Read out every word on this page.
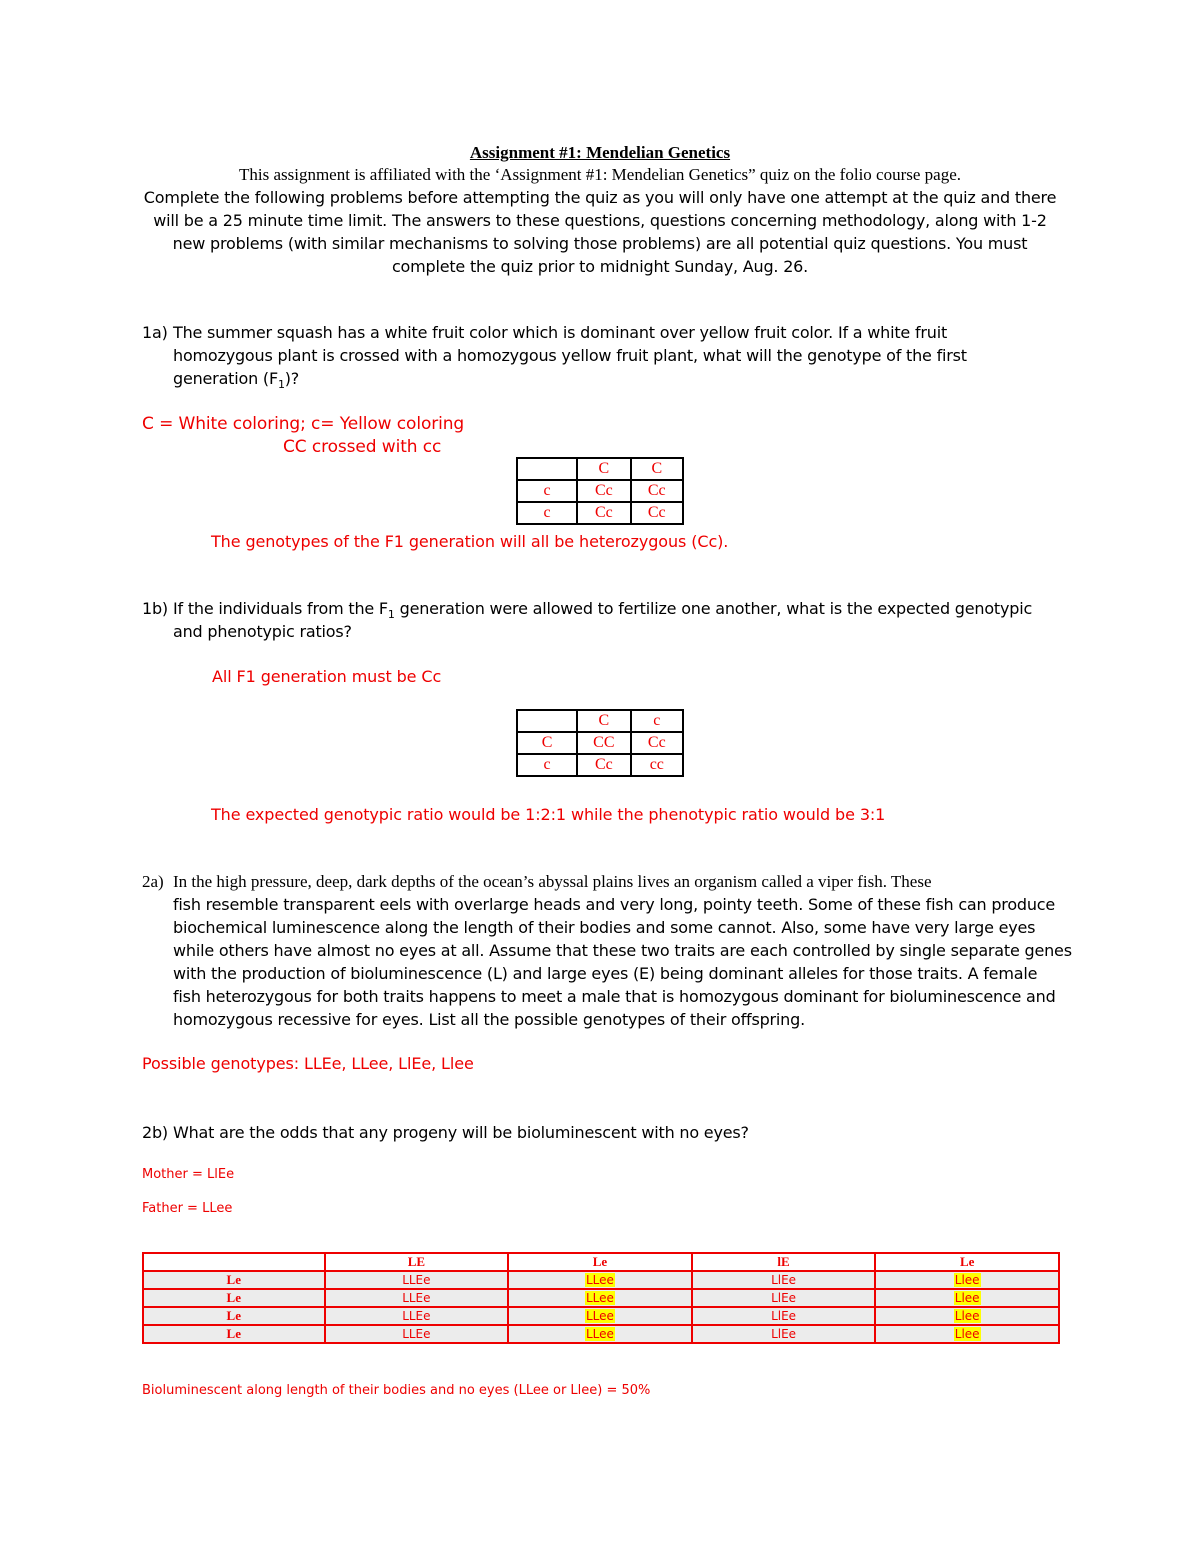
Assignment #1: Mendelian Genetics
This assignment is affiliated with the ‘Assignment #1: Mendelian Genetics” quiz on the folio course page.
Complete the following problems before attempting the quiz as you will only have one attempt at the quiz and there
will be a 25 minute time limit. The answers to these questions, questions concerning methodology, along with 1-2
new problems (with similar mechanisms to solving those problems) are all potential quiz questions. You must
complete the quiz prior to midnight Sunday, Aug. 26.
1a) The summer squash has a white fruit color which is dominant over yellow fruit color. If a white fruit
homozygous plant is crossed with a homozygous yellow fruit plant, what will the genotype of the first
generation $(F_1)$?
C = White coloring; c= Yellow coloring
CC crossed with cc
	C	C
c	Cc	Cc
c	Cc	Cc
The genotypes of the F1 generation will all be heterozygous (Cc).
1b) If the individuals from the $F_1$ generation were allowed to fertilize one another, what is the expected genotypic
and phenotypic ratios?
All F1 generation must be Cc
	C	c
C	CC	Cc
c	Cc	cc
The expected genotypic ratio would be 1:2:1 while the phenotypic ratio would be 3:1
2a) In the high pressure, deep, dark depths of the ocean’s abyssal plains lives an organism called a viper fish. These
fish resemble transparent eels with overlarge heads and very long, pointy teeth. Some of these fish can produce
biochemical luminescence along the length of their bodies and some cannot. Also, some have very large eyes
while others have almost no eyes at all. Assume that these two traits are each controlled by single separate genes
with the production of bioluminescence (L) and large eyes (E) being dominant alleles for those traits. A female
fish heterozygous for both traits happens to meet a male that is homozygous dominant for bioluminescence and
homozygous recessive for eyes. List all the possible genotypes of their offspring.
Possible genotypes: LLEe, LLee, LlEe, Llee
2b) What are the odds that any progeny will be bioluminescent with no eyes?
Mother = LlEe
Father = LLee
	LE	Le	lE	Le
Le	LLEe	LLee	LlEe	Llee
Le	LLEe	LLee	LlEe	Llee
Le	LLEe	LLee	LlEe	Llee
Le	LLEe	LLee	LlEe	Llee
Bioluminescent along length of their bodies and no eyes (LLee or Llee) = 50%
